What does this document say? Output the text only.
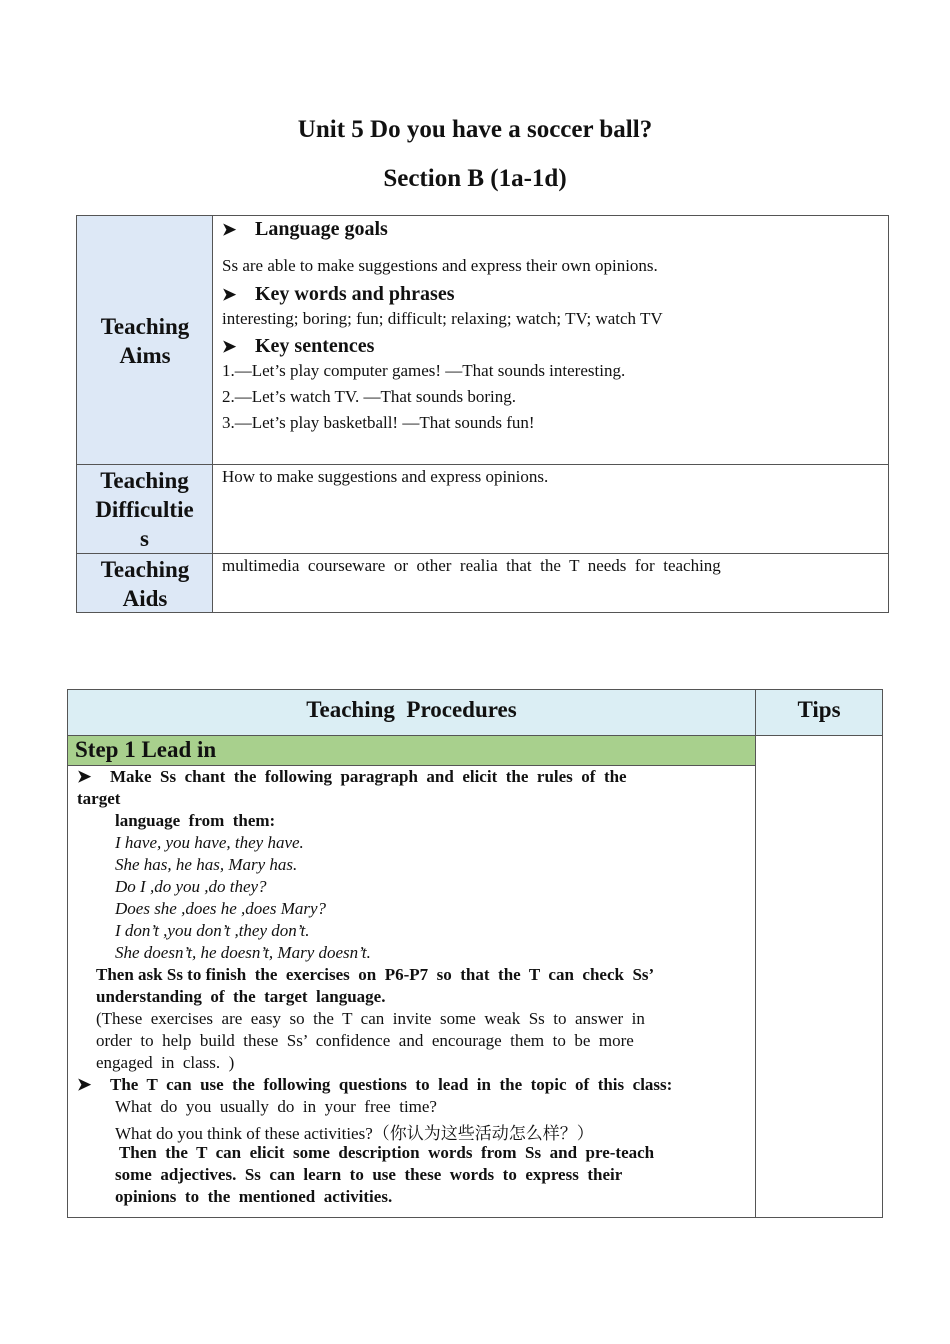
Unit 5 Do you have a soccer ball?
Section B (1a-1d)
Teaching Aims
➤ Language goals
Ss are able to make suggestions and express their own opinions.
➤ Key words and phrases
interesting; boring; fun; difficult; relaxing; watch; TV; watch TV
➤ Key sentences
1.—Let’s play computer games! —That sounds interesting.
2.—Let’s watch TV. —That sounds boring.
3.—Let’s play basketball! —That sounds fun!
Teaching
Difficultie
s
How to make suggestions and express opinions.
Teaching Aids
multimedia  courseware  or  other  realia  that  the  T  needs  for  teaching
Teaching  Procedures	Tips
Step 1 Lead in
➤ Make  Ss  chant  the  following  paragraph  and  elicit  the  rules  of  the
target
language  from  them:
I have, you have, they have.
She has, he has, Mary has.
Do I ,do you ,do they?
Does she ,does he ,does Mary?
I don’t ,you don’t ,they don’t.
She doesn’t, he doesn’t, Mary doesn’t.
Then ask Ss to finish  the  exercises  on  P6-P7  so  that  the  T  can  check  Ss’
understanding  of  the  target  language.
(These  exercises  are  easy  so  the  T  can  invite  some  weak  Ss  to  answer  in
order  to  help  build  these  Ss’  confidence  and  encourage  them  to  be  more
engaged  in  class.  )
➤ The  T  can  use  the  following  questions  to  lead  in  the  topic  of  this  class:
What  do  you  usually  do  in  your  free  time?
What do you think of these activities?（你认为这些活动怎么样？）
Then  the  T  can  elicit  some  description  words  from  Ss  and  pre-teach
some  adjectives.  Ss  can  learn  to  use  these  words  to  express  their
opinions  to  the  mentioned  activities.
